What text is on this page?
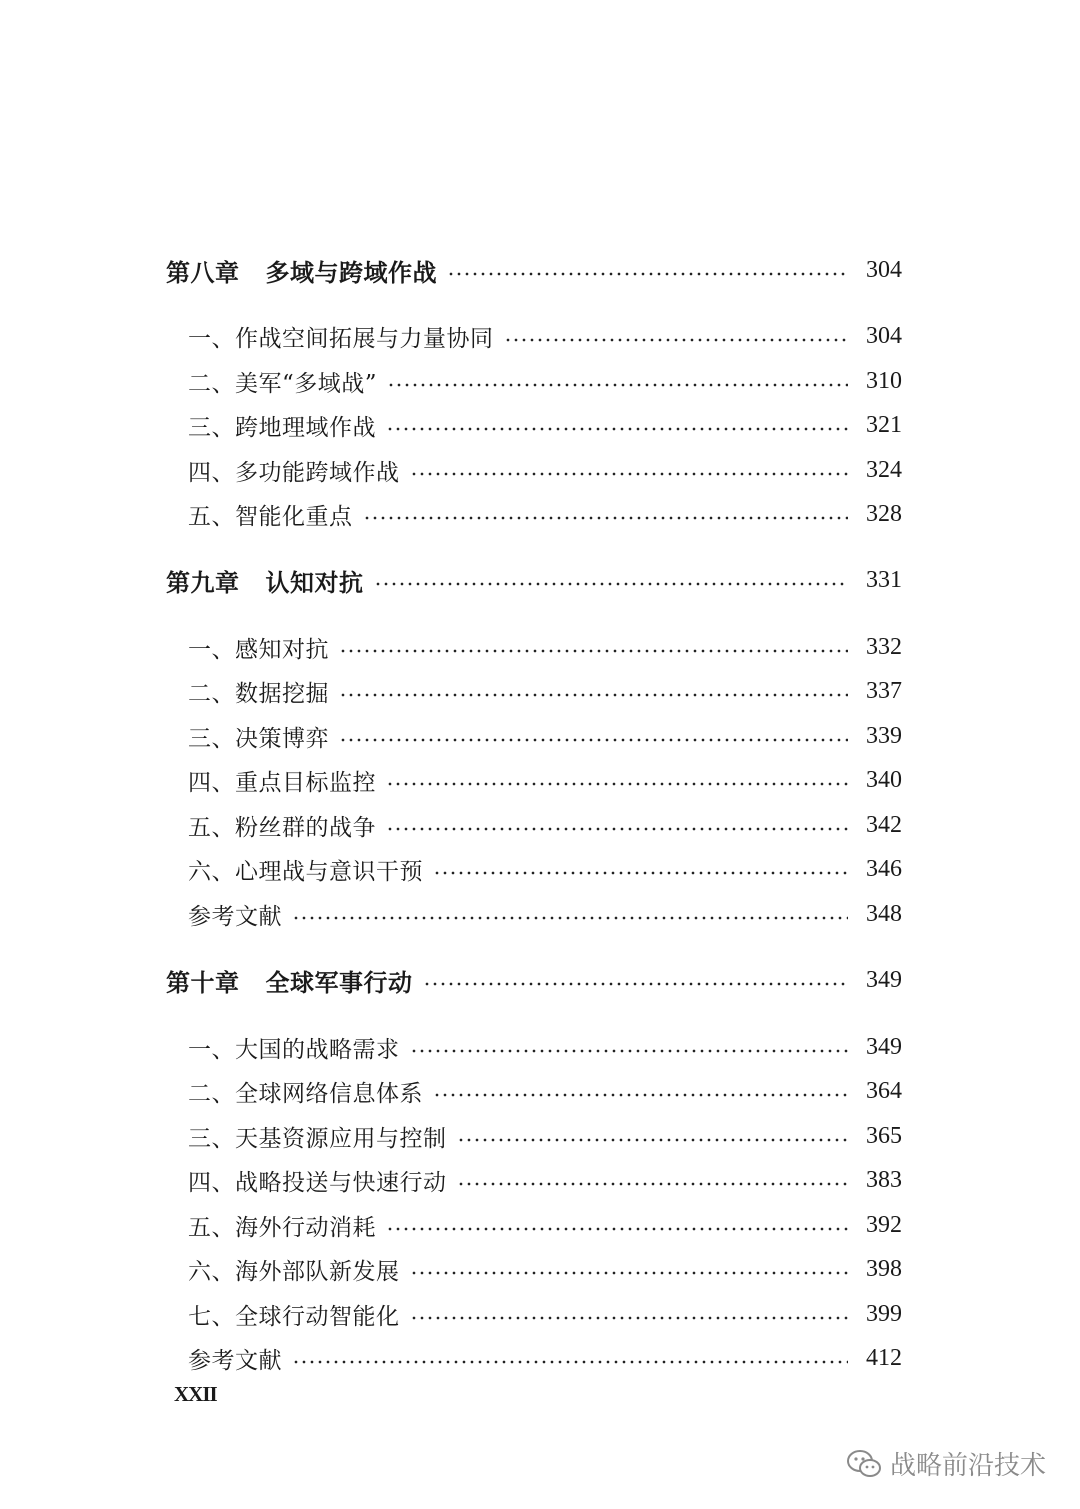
第八章 多域与跨域作战	304
一、作战空间拓展与力量协同	304
二、美军“多域战”	310
三、跨地理域作战	321
四、多功能跨域作战	324
五、智能化重点	328
第九章 认知对抗	331
一、感知对抗	332
二、数据挖掘	337
三、决策博弈	339
四、重点目标监控	340
五、粉丝群的战争	342
六、心理战与意识干预	346
参考文献	348
第十章 全球军事行动	349
一、大国的战略需求	349
二、全球网络信息体系	364
三、天基资源应用与控制	365
四、战略投送与快速行动	383
五、海外行动消耗	392
六、海外部队新发展	398
七、全球行动智能化	399
参考文献	412
XXII
战略前沿技术
